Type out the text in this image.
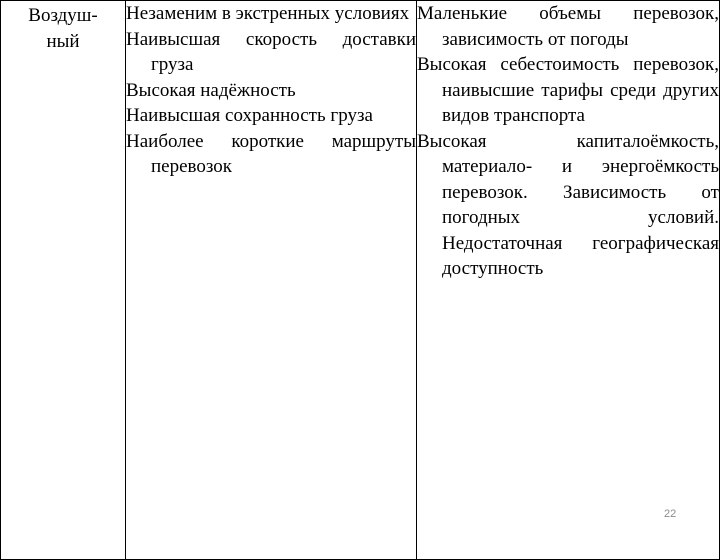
Воздуш-
ный

Незаменим в экстренных условиях
Наивысшая скорость доставки груза
Высокая надёжность
Наивысшая сохранность груза
Наиболее короткие маршруты перевозок

Маленькие объемы перевозок, зависимость от погоды
Высокая себестоимость перевозок, наивысшие тарифы среди других видов транспорта
Высокая капиталоёмкость, материало- и энергоёмкость перевозок. Зависимость от погодных условий. Недостаточная географическая доступность
22
